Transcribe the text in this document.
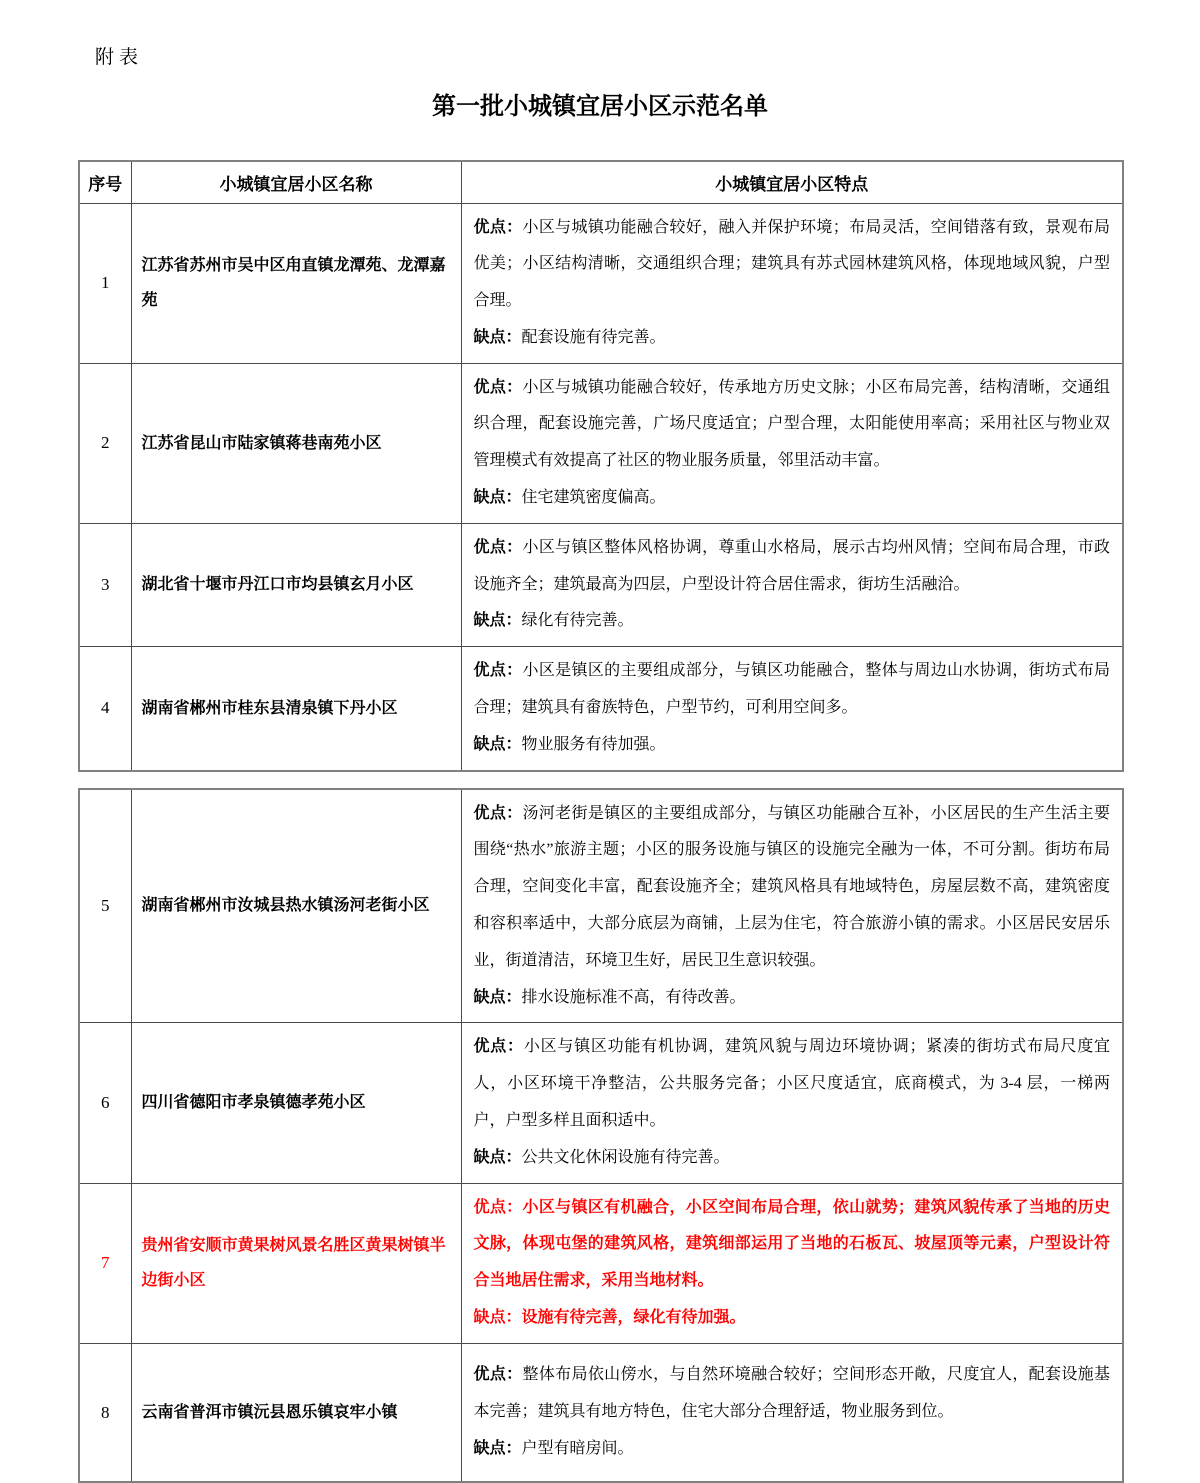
附表
第一批小城镇宜居小区示范名单
序号	小城镇宜居小区名称	小城镇宜居小区特点
1	江苏省苏州市吴中区甪直镇龙潭苑、龙潭嘉苑	优点：小区与城镇功能融合较好，融入并保护环境；布局灵活，空间错落有致，景观布局优美；小区结构清晰，交通组织合理；建筑具有苏式园林建筑风格，体现地域风貌，户型合理。

缺点：配套设施有待完善。

2	江苏省昆山市陆家镇蒋巷南苑小区	优点：小区与城镇功能融合较好，传承地方历史文脉；小区布局完善，结构清晰，交通组织合理，配套设施完善，广场尺度适宜；户型合理，太阳能使用率高；采用社区与物业双管理模式有效提高了社区的物业服务质量，邻里活动丰富。

缺点：住宅建筑密度偏高。

3	湖北省十堰市丹江口市均县镇玄月小区	优点：小区与镇区整体风格协调，尊重山水格局，展示古均州风情；空间布局合理，市政设施齐全；建筑最高为四层，户型设计符合居住需求，街坊生活融洽。

缺点：绿化有待完善。

4	湖南省郴州市桂东县清泉镇下丹小区	优点：小区是镇区的主要组成部分，与镇区功能融合，整体与周边山水协调，街坊式布局合理；建筑具有畲族特色，户型节约，可利用空间多。

缺点：物业服务有待加强。

5	湖南省郴州市汝城县热水镇汤河老街小区	优点：汤河老街是镇区的主要组成部分，与镇区功能融合互补，小区居民的生产生活主要围绕“热水”旅游主题；小区的服务设施与镇区的设施完全融为一体，不可分割。街坊布局合理，空间变化丰富，配套设施齐全；建筑风格具有地域特色，房屋层数不高，建筑密度和容积率适中，大部分底层为商铺，上层为住宅，符合旅游小镇的需求。小区居民安居乐业，街道清洁，环境卫生好，居民卫生意识较强。

缺点：排水设施标准不高，有待改善。

6	四川省德阳市孝泉镇德孝苑小区	优点：小区与镇区功能有机协调，建筑风貌与周边环境协调；紧凑的街坊式布局尺度宜人，小区环境干净整洁，公共服务完备；小区尺度适宜，底商模式，为 3-4 层，一梯两户，户型多样且面积适中。

缺点：公共文化休闲设施有待完善。

7	贵州省安顺市黄果树风景名胜区黄果树镇半边街小区	优点：小区与镇区有机融合，小区空间布局合理，依山就势；建筑风貌传承了当地的历史文脉，体现屯堡的建筑风格，建筑细部运用了当地的石板瓦、坡屋顶等元素，户型设计符合当地居住需求，采用当地材料。

缺点：设施有待完善，绿化有待加强。

8	云南省普洱市镇沅县恩乐镇哀牢小镇	优点：整体布局依山傍水，与自然环境融合较好；空间形态开敞，尺度宜人，配套设施基本完善；建筑具有地方特色，住宅大部分合理舒适，物业服务到位。

缺点：户型有暗房间。
